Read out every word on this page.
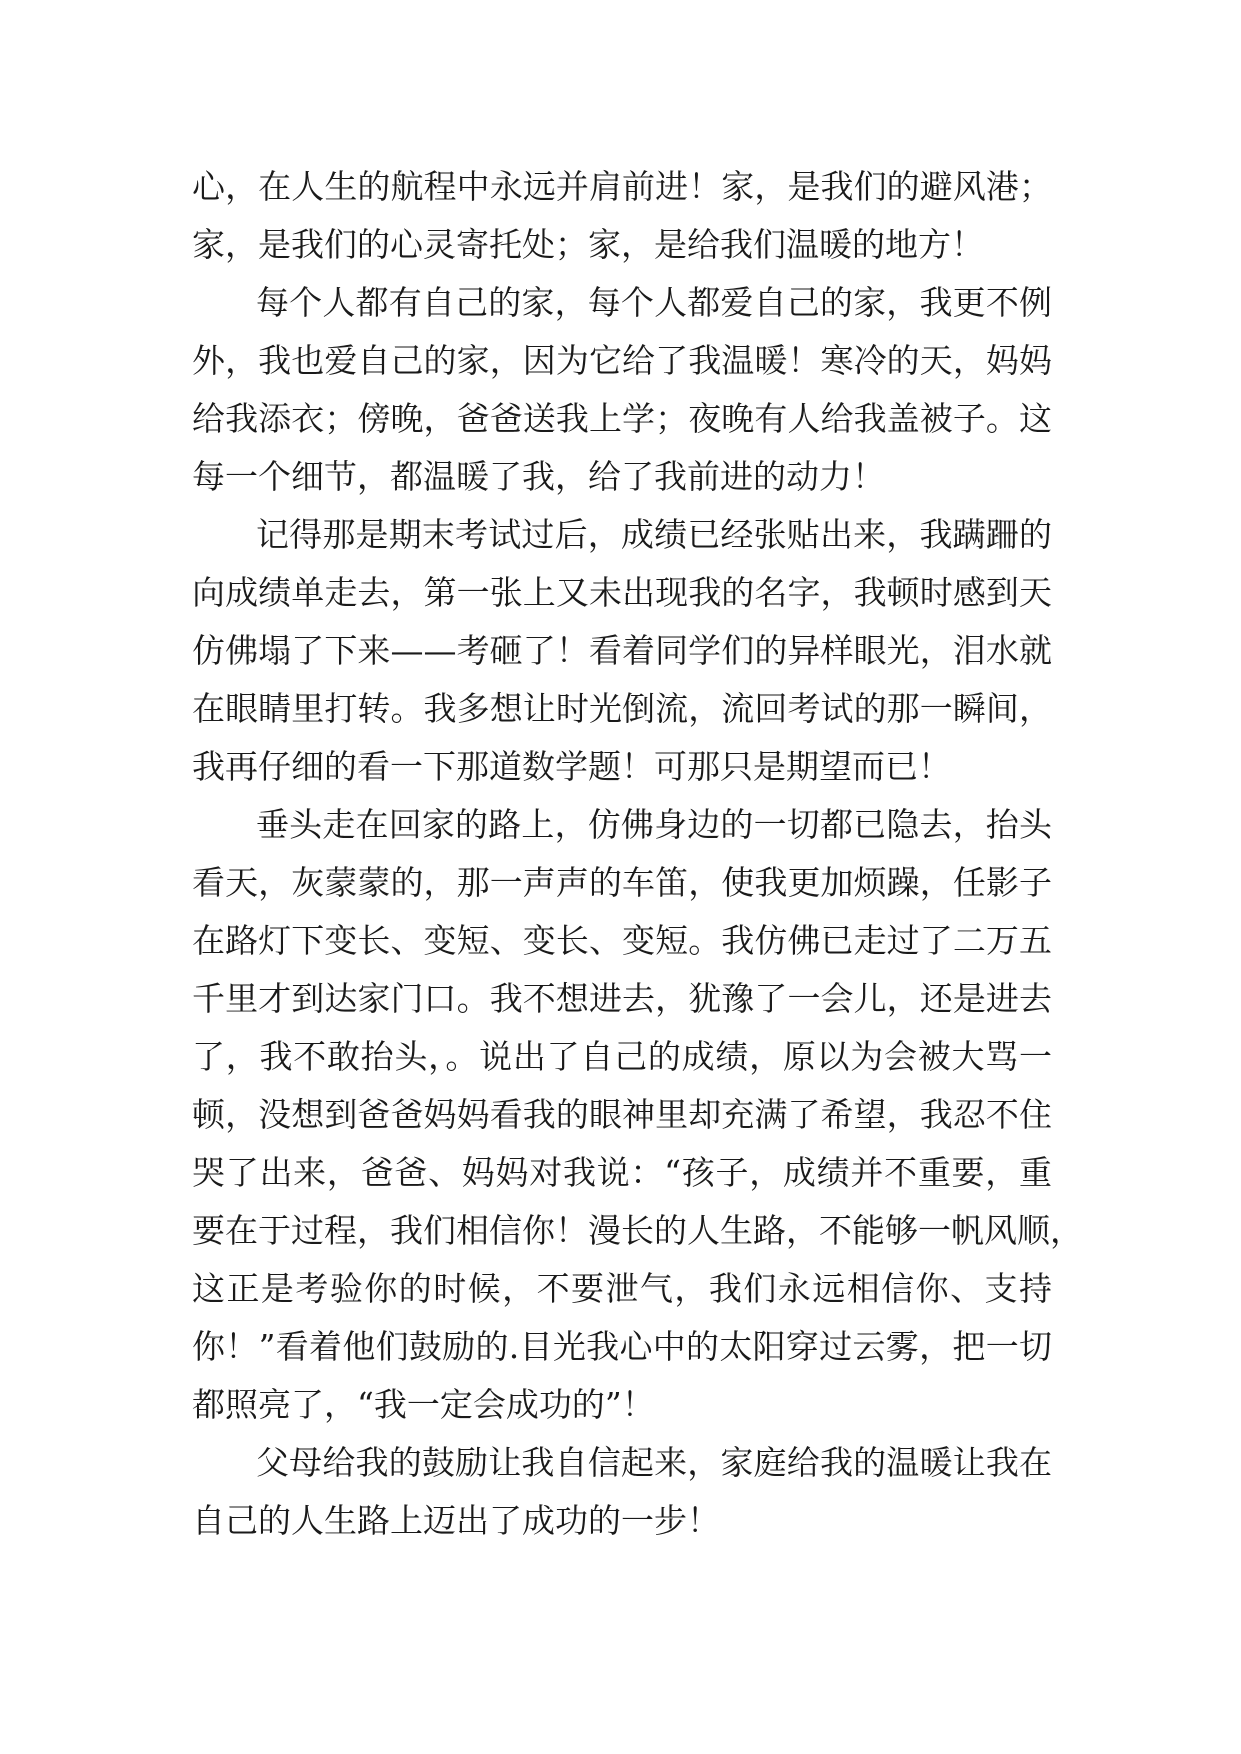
心，在人生的航程中永远并肩前进！家，是我们的避风港；
家，是我们的心灵寄托处；家，是给我们温暖的地方！
每个人都有自己的家，每个人都爱自己的家，我更不例
外，我也爱自己的家，因为它给了我温暖！寒冷的天，妈妈
给我添衣；傍晚，爸爸送我上学；夜晚有人给我盖被子。这
每一个细节，都温暖了我，给了我前进的动力！
记得那是期末考试过后，成绩已经张贴出来，我蹒跚的
向成绩单走去，第一张上又未出现我的名字，我顿时感到天
仿佛塌了下来——考砸了！看着同学们的异样眼光，泪水就
在眼睛里打转。我多想让时光倒流，流回考试的那一瞬间，
我再仔细的看一下那道数学题！可那只是期望而已！
垂头走在回家的路上，仿佛身边的一切都已隐去，抬头
看天，灰蒙蒙的，那一声声的车笛，使我更加烦躁，任影子
在路灯下变长、变短、变长、变短。我仿佛已走过了二万五
千里才到达家门口。我不想进去，犹豫了一会儿，还是进去
了，我不敢抬头，。说出了自己的成绩，原以为会被大骂一
顿，没想到爸爸妈妈看我的眼神里却充满了希望，我忍不住
哭了出来，爸爸、妈妈对我说：“孩子，成绩并不重要，重
要在于过程，我们相信你！漫长的人生路，不能够一帆风顺，
这正是考验你的时候，不要泄气，我们永远相信你、支持
你！”看着他们鼓励的.目光我心中的太阳穿过云雾，把一切
都照亮了，“我一定会成功的”！
父母给我的鼓励让我自信起来，家庭给我的温暖让我在
自己的人生路上迈出了成功的一步！
